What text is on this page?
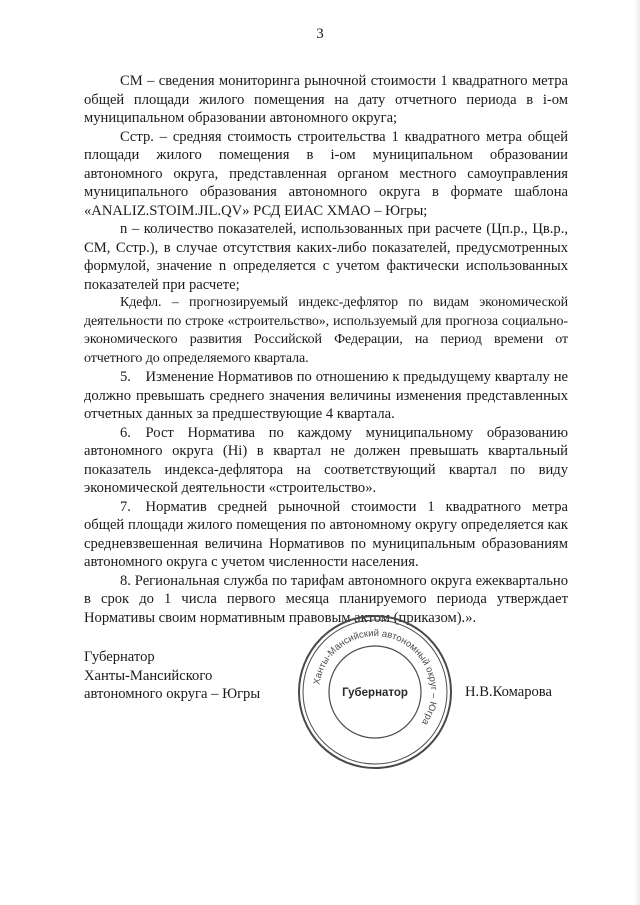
3

СМ – сведения мониторинга рыночной стоимости 1 квадратного метра общей площади жилого помещения на дату отчетного периода в i-ом муниципальном образовании автономного округа;

Сстр. – средняя стоимость строительства 1 квадратного метра общей площади жилого помещения в i-ом муниципальном образовании автономного округа, представленная органом местного самоуправления муниципального образования автономного округа в формате шаблона «ANALIZ.STOIM.JIL.QV» РСД ЕИАС ХМАО – Югры;

n – количество показателей, использованных при расчете (Цп.р., Цв.р., СМ, Сстр.), в случае отсутствия каких-либо показателей, предусмотренных формулой, значение n определяется с учетом фактически использованных показателей при расчете;

Кдефл. – прогнозируемый индекс-дефлятор по видам экономической деятельности по строке «строительство», используемый для прогноза социально-экономического развития Российской Федерации, на период времени от отчетного до определяемого квартала.

5. Изменение Нормативов по отношению к предыдущему кварталу не должно превышать среднего значения величины изменения представленных отчетных данных за предшествующие 4 квартала.

6. Рост Норматива по каждому муниципальному образованию автономного округа (Hi) в квартал не должен превышать квартальный показатель индекса-дефлятора на соответствующий квартал по виду экономической деятельности «строительство».

7. Норматив средней рыночной стоимости 1 квадратного метра общей площади жилого помещения по автономному округу определяется как средневзвешенная величина Нормативов по муниципальным образованиям автономного округа с учетом численности населения.

8. Региональная служба по тарифам автономного округа ежеквартально в срок до 1 числа первого месяца планируемого периода утверждает Нормативы своим нормативным правовым актом (приказом).».

Губернатор
Ханты-Мансийского
автономного округа – Югры
Ханты-Мансийский автономный округ – Югра
Губернатор	Н.В.Комарова
